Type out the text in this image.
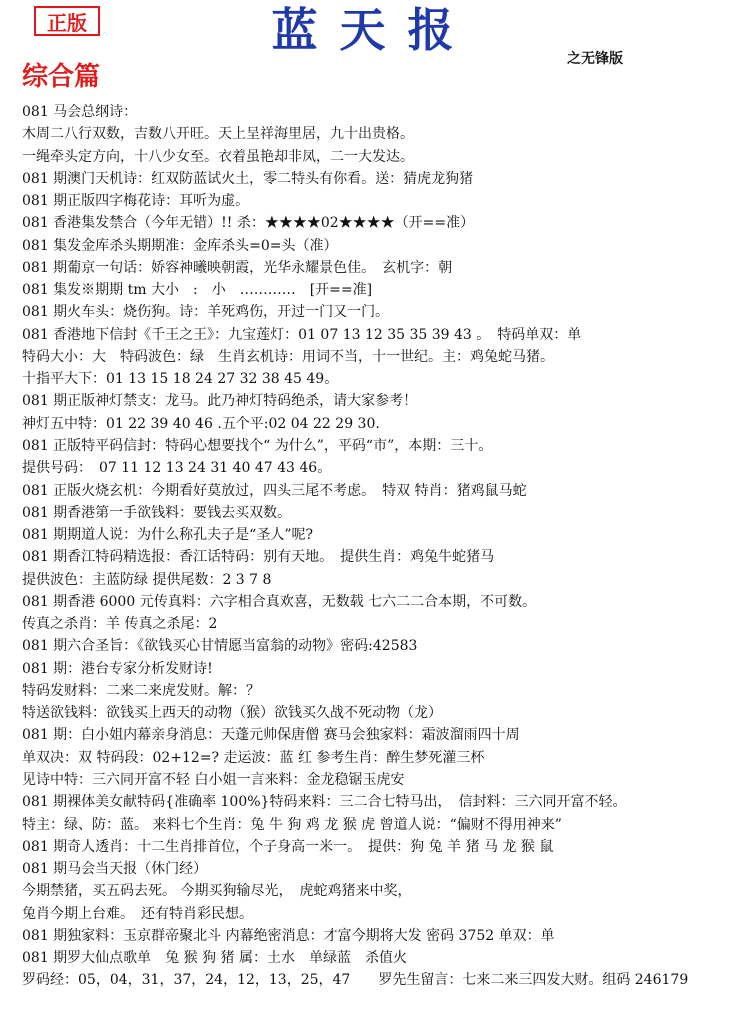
正版	蓝天报
之无锋版
综合篇
081 马会总纲诗：
木周二八行双数，吉数八开旺。天上呈祥海里居，九十出贵格。
一绳牵头定方向，十八少女至。衣着虽艳却非凤，二一大发达。
081 期澳门天机诗：红双防蓝试火土，零二特头有你看。送：猜虎龙狗猪
081 期正版四字梅花诗：耳听为虚。
081 香港集发禁合（今年无错）!! 杀：★★★★02★★★★（开==准）
081 集发金库杀头期期准：金库杀头=0=头（准）
081 期葡京一句话：娇容神曦映朝霞，光华永耀景色佳。　玄机字：朝
081 集发※期期 tm 大小　:　小　…………　[开==准]
081 期火车头：烧伤狗。诗：羊死鸡伤，开过一门又一门。
081 香港地下信封《千王之王》：九宝莲灯：01 07 13 12 35 35 39 43 。　特码单双：单
特码大小：大　特码波色：绿　生肖玄机诗：用词不当，十一世纪。主：鸡兔蛇马猪。
十指平大下：01 13 15 18 24 27 32 38 45 49。
081 期正版神灯禁支：龙马。此乃神灯特码绝杀，请大家参考！
神灯五中特：01 22 39 40 46 .五个平:02 04 22 29 30.
081 正版特平码信封：特码心想要找个“ 为什么”，平码“市”，本期：三十。
提供号码：　07 11 12 13 24 31 40 47 43 46。
081 正版火烧玄机：今期看好莫放过，四头三尾不考虑。　特双 特肖：猪鸡鼠马蛇
081 期香港第一手欲钱料：要钱去买双数。
081 期期道人说：为什么称孔夫子是“圣人”呢?
081 期香江特码精选报：香江话特码：别有天地。　提供生肖：鸡兔牛蛇猪马
提供波色：主蓝防绿 提供尾数：2 3 7 8
081 期香港 6000 元传真料：六字相合真欢喜，无数载 七六二二合本期，不可数。
传真之杀肖：羊 传真之杀尾：2
081 期六合圣旨：《欲钱买心甘情愿当富翁的动物》密码:42583
081 期：港台专家分析发财诗!
特码发财料：二来二来虎发财。解：？
特送欲钱料：欲钱买上西天的动物（猴）欲钱买久战不死动物（龙）
081 期：白小姐内幕亲身消息：天蓬元帅保唐僧 赛马会独家料：霜波溜雨四十周
单双决：双 特码段：02+12=? 走运波：蓝 红 参考生肖：醉生梦死灌三杯
见诗中特：三六同开富不轻 白小姐一言来料：金龙稳锯玉虎安
081 期裸体美女献特码{准确率 100%}特码来料：三二合七特马出，　信封料：三六同开富不轻。
特主：绿、防：蓝。 来料七个生肖：兔 牛 狗 鸡 龙 猴 虎 曾道人说：“偏财不得用神来”
081 期奇人透肖：十二生肖排首位，个子身高一米一。　提供：狗 兔 羊 猪 马 龙 猴 鼠
081 期马会当天报（休门经）
今期禁猪，买五码去死。 今期买狗输尽光，　虎蛇鸡猪来中奖，
兔肖今期上台难。　还有特肖彩民想。
081 期独家料：玉京群帝聚北斗 内幕绝密消息：才富今期将大发 密码 3752 单双：单
081 期罗大仙点歌单　兔 猴 狗 猪 属：土水　单绿蓝　杀值火
罗码经：05，04，31，37，24，12，13，25，47　　罗先生留言：七来二来三四发大财。组码 246179
